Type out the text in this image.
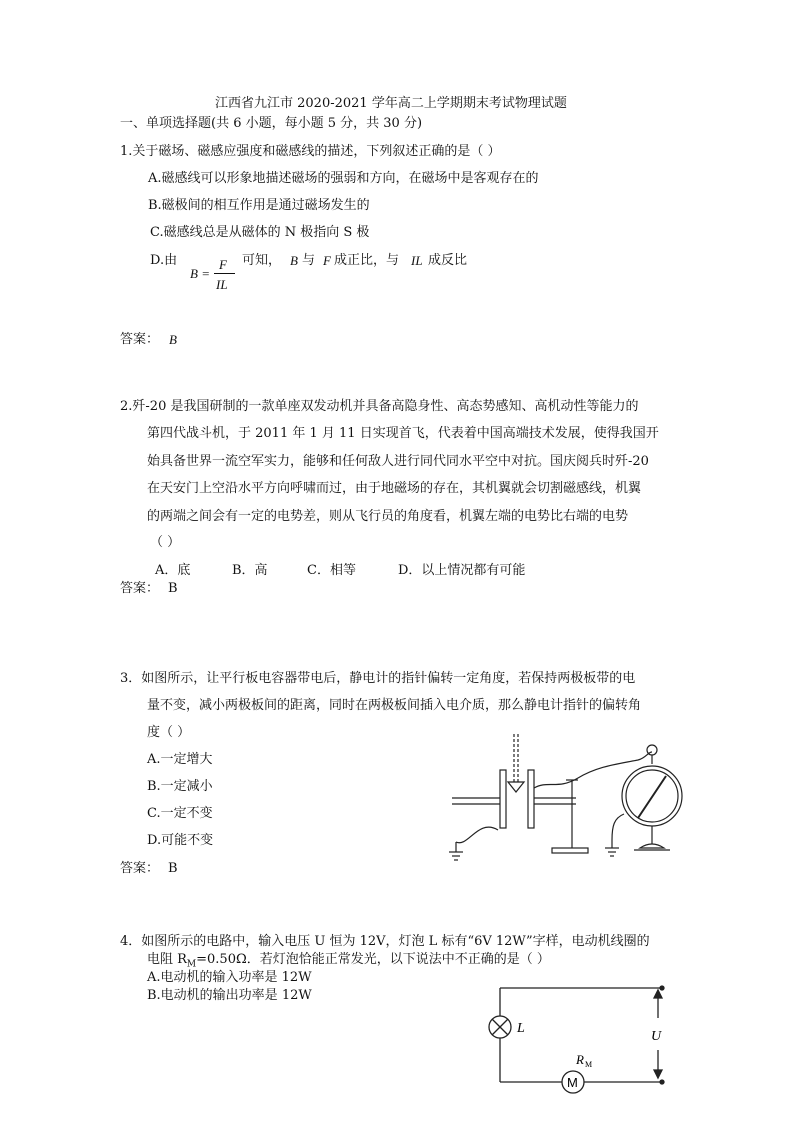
江西省九江市 2020-2021 学年高二上学期期末考试物理试题
一、单项选择题(共 6 小题，每小题 5 分，共 30 分)
1.关于磁场、磁感应强度和磁感线的描述，下列叙述正确的是（ ）
A.磁感线可以形象地描述磁场的强弱和方向，在磁场中是客观存在的
B.磁极间的相互作用是通过磁场发生的
C.磁感线总是从磁体的 N 极指向 S 极
D.由
B =
F
IL
可知， B 与 F 成正比，与 IL 成反比
答案： B
2.歼-20 是我国研制的一款单座双发动机并具备高隐身性、高态势感知、高机动性等能力的
第四代战斗机，于 2011 年 1 月 11 日实现首飞，代表着中国高端技术发展，使得我国开
始具备世界一流空军实力，能够和任何敌人进行同代同水平空中对抗。国庆阅兵时歼-20
在天安门上空沿水平方向呼啸而过，由于地磁场的存在，其机翼就会切割磁感线，机翼
的两端之间会有一定的电势差，则从飞行员的角度看，机翼左端的电势比右端的电势
（ ）
A．底	B．高	C．相等	D．以上情况都有可能
答案： B
3．如图所示，让平行板电容器带电后，静电计的指针偏转一定角度，若保持两极板带的电
量不变，减小两极板间的距离，同时在两极板间插入电介质，那么静电计指针的偏转角
度（ ）
A.一定增大
B.一定减小
C.一定不变
D.可能不变
答案： B
4．如图所示的电路中，输入电压 U 恒为 12V，灯泡 L 标有“6V 12W”字样，电动机线圈的
电阻 $R_M=0.50\Omega$．若灯泡恰能正常发光，以下说法中不正确的是（ ）
A.电动机的输入功率是 12W
B.电动机的输出功率是 12W
L
M
R M
U
